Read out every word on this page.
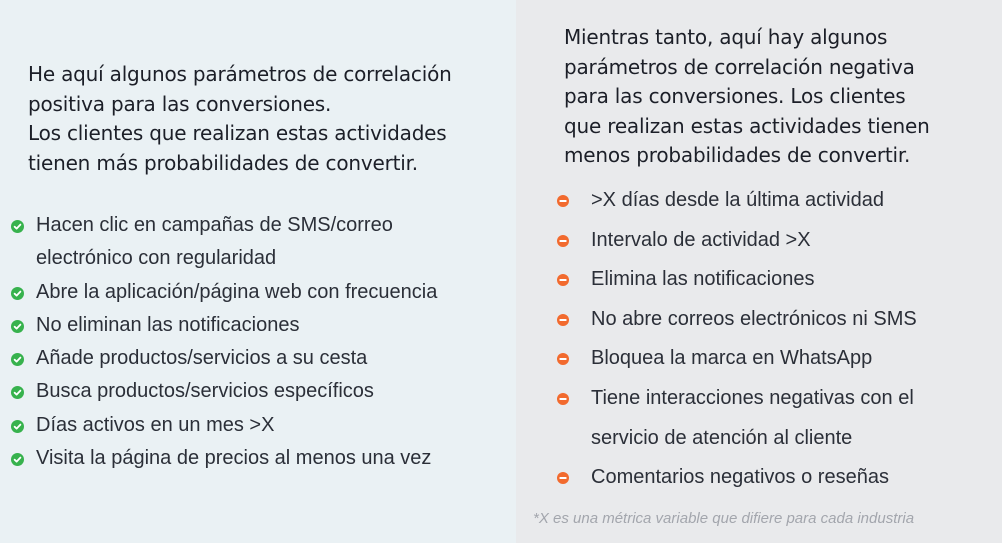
He aquí algunos parámetros de correlación
positiva para las conversiones.
Los clientes que realizan estas actividades
tienen más probabilidades de convertir.
Hacen clic en campañas de SMS/correo
electrónico con regularidad
Abre la aplicación/página web con frecuencia
No eliminan las notificaciones
Añade productos/servicios a su cesta
Busca productos/servicios específicos
Días activos en un mes >X
Visita la página de precios al menos una vez
Mientras tanto, aquí hay algunos
parámetros de correlación negativa
para las conversiones. Los clientes
que realizan estas actividades tienen
menos probabilidades de convertir.
>X días desde la última actividad
Intervalo de actividad >X
Elimina las notificaciones
No abre correos electrónicos ni SMS
Bloquea la marca en WhatsApp
Tiene interacciones negativas con el
servicio de atención al cliente
Comentarios negativos o reseñas
*X es una métrica variable que difiere para cada industria
